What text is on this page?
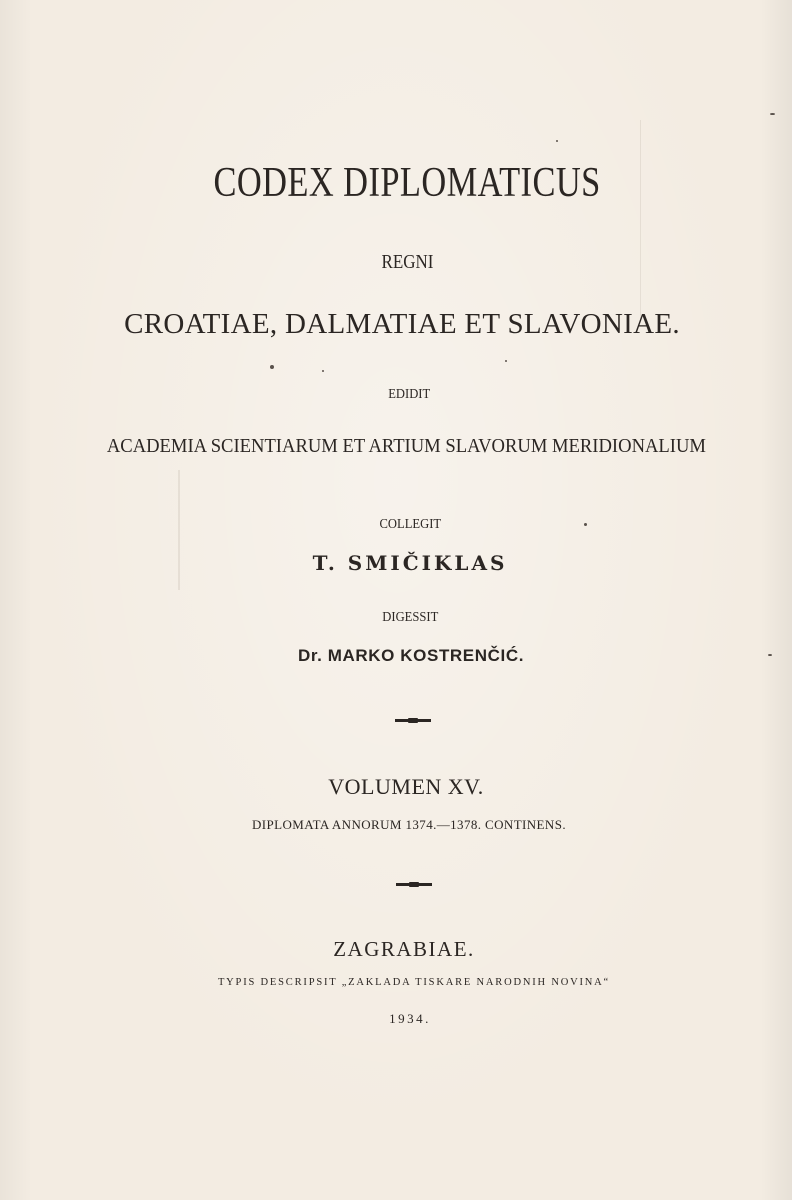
CODEX DIPLOMATICUS
REGNI
CROATIAE, DALMATIAE ET SLAVONIAE.
EDIDIT
ACADEMIA SCIENTIARUM ET ARTIUM SLAVORUM MERIDIONALIUM
COLLEGIT
T. SMIČIKLAS
DIGESSIT
Dr. MARKO KOSTRENČIĆ.
VOLUMEN XV.
DIPLOMATA ANNORUM 1374.—1378. CONTINENS.
ZAGRABIAE.
TYPIS DESCRIPSIT „ZAKLADA TISKARE NARODNIH NOVINA“
1934.
